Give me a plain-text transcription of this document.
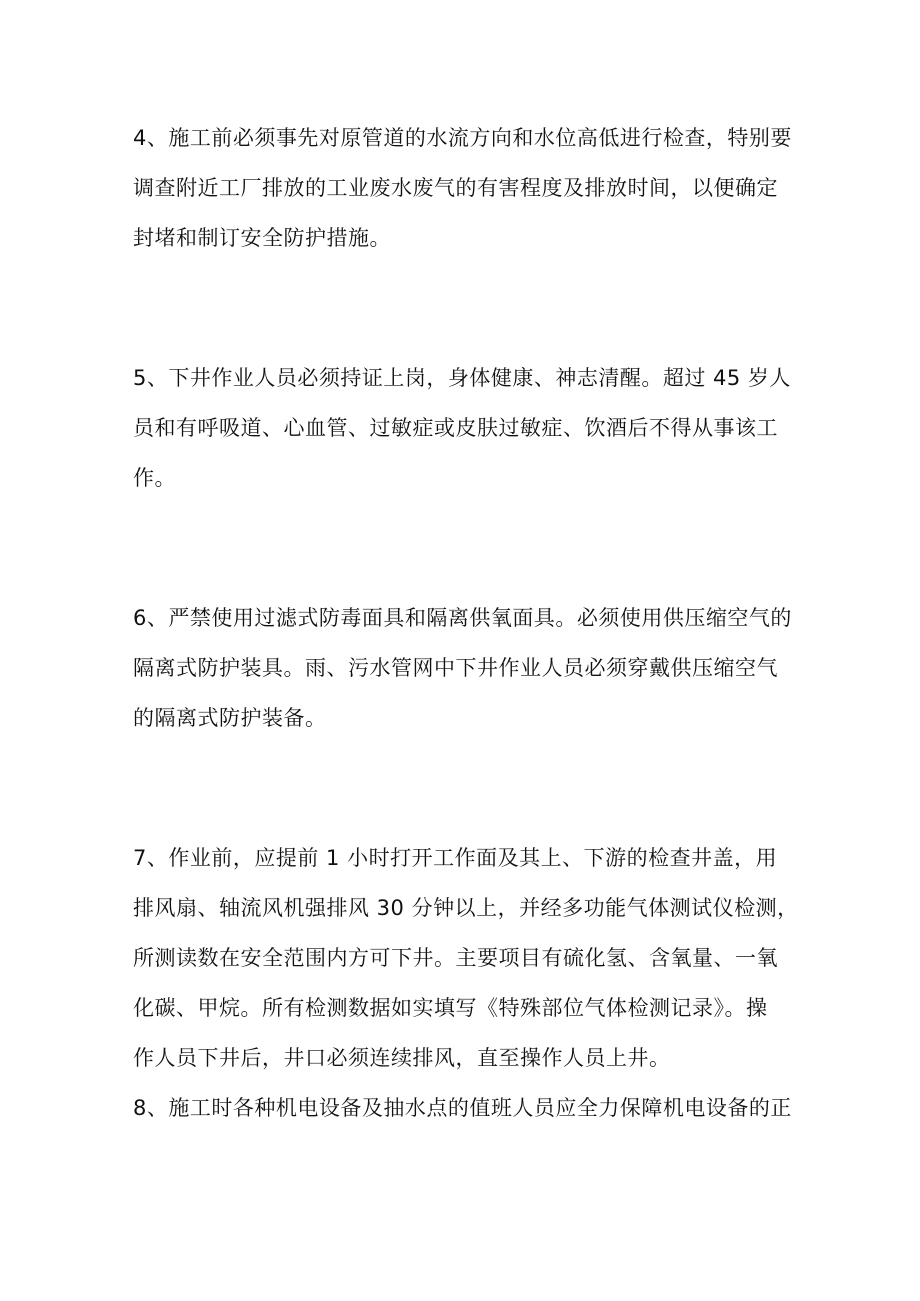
4、施工前必须事先对原管道的水流方向和水位高低进行检查，特别要
调查附近工厂排放的工业废水废气的有害程度及排放时间，以便确定
封堵和制订安全防护措施。
5、下井作业人员必须持证上岗，身体健康、神志清醒。超过 45 岁人
员和有呼吸道、心血管、过敏症或皮肤过敏症、饮酒后不得从事该工
作。
6、严禁使用过滤式防毒面具和隔离供氧面具。必须使用供压缩空气的
隔离式防护装具。雨、污水管网中下井作业人员必须穿戴供压缩空气
的隔离式防护装备。
7、作业前，应提前 1 小时打开工作面及其上、下游的检查井盖，用
排风扇、轴流风机强排风 30 分钟以上，并经多功能气体测试仪检测，
所测读数在安全范围内方可下井。主要项目有硫化氢、含氧量、一氧
化碳、甲烷。所有检测数据如实填写《特殊部位气体检测记录》。操
作人员下井后，井口必须连续排风，直至操作人员上井。
8、施工时各种机电设备及抽水点的值班人员应全力保障机电设备的正
